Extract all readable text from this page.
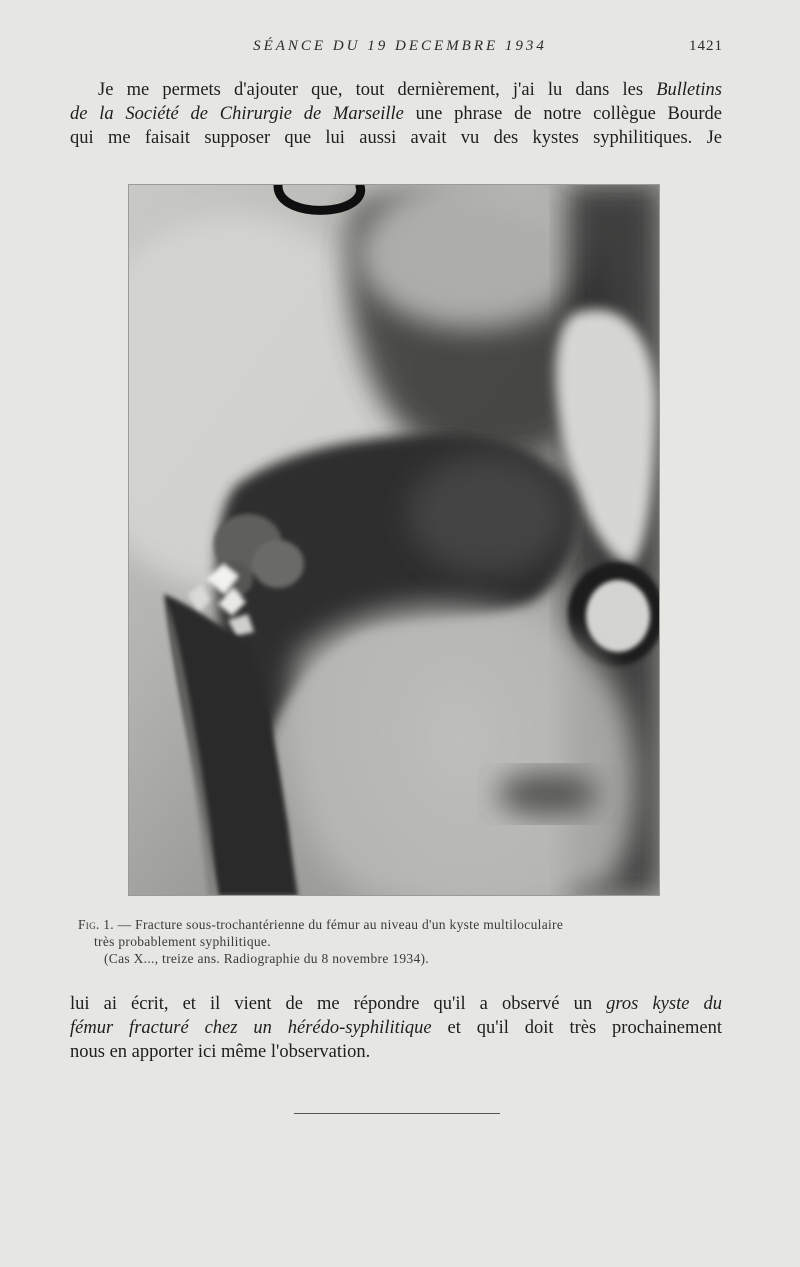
SÉANCE DU 19 DECEMBRE 1934	1421
Je me permets d'ajouter que, tout dernièrement, j'ai lu dans les Bulletins
de la Société de Chirurgie de Marseille une phrase de notre collègue Bourde
qui me faisait supposer que lui aussi avait vu des kystes syphilitiques. Je
Fig. 1. — Fracture sous-trochantérienne du fémur au niveau d'un kyste multiloculaire
très probablement syphilitique.
(Cas X..., treize ans. Radiographie du 8 novembre 1934).
lui ai écrit, et il vient de me répondre qu'il a observé un gros kyste du
fémur fracturé chez un hérédo-syphilitique et qu'il doit très prochainement
nous en apporter ici même l'observation.
